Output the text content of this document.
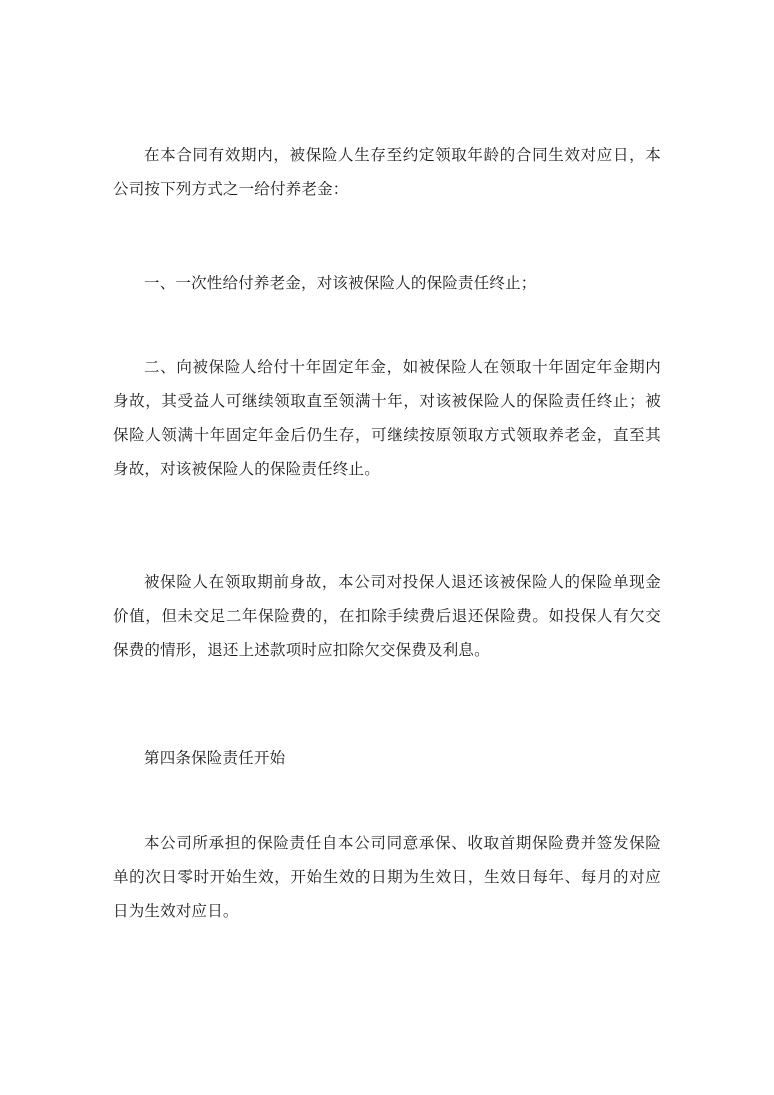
在本合同有效期内，被保险人生存至约定领取年龄的合同生效对应日，本公司按下列方式之一给付养老金：

一、一次性给付养老金，对该被保险人的保险责任终止；

二、向被保险人给付十年固定年金，如被保险人在领取十年固定年金期内身故，其受益人可继续领取直至领满十年，对该被保险人的保险责任终止；被保险人领满十年固定年金后仍生存，可继续按原领取方式领取养老金，直至其身故，对该被保险人的保险责任终止。

被保险人在领取期前身故，本公司对投保人退还该被保险人的保险单现金价值，但未交足二年保险费的，在扣除手续费后退还保险费。如投保人有欠交保费的情形，退还上述款项时应扣除欠交保费及利息。

第四条保险责任开始

本公司所承担的保险责任自本公司同意承保、收取首期保险费并签发保险单的次日零时开始生效，开始生效的日期为生效日，生效日每年、每月的对应日为生效对应日。
